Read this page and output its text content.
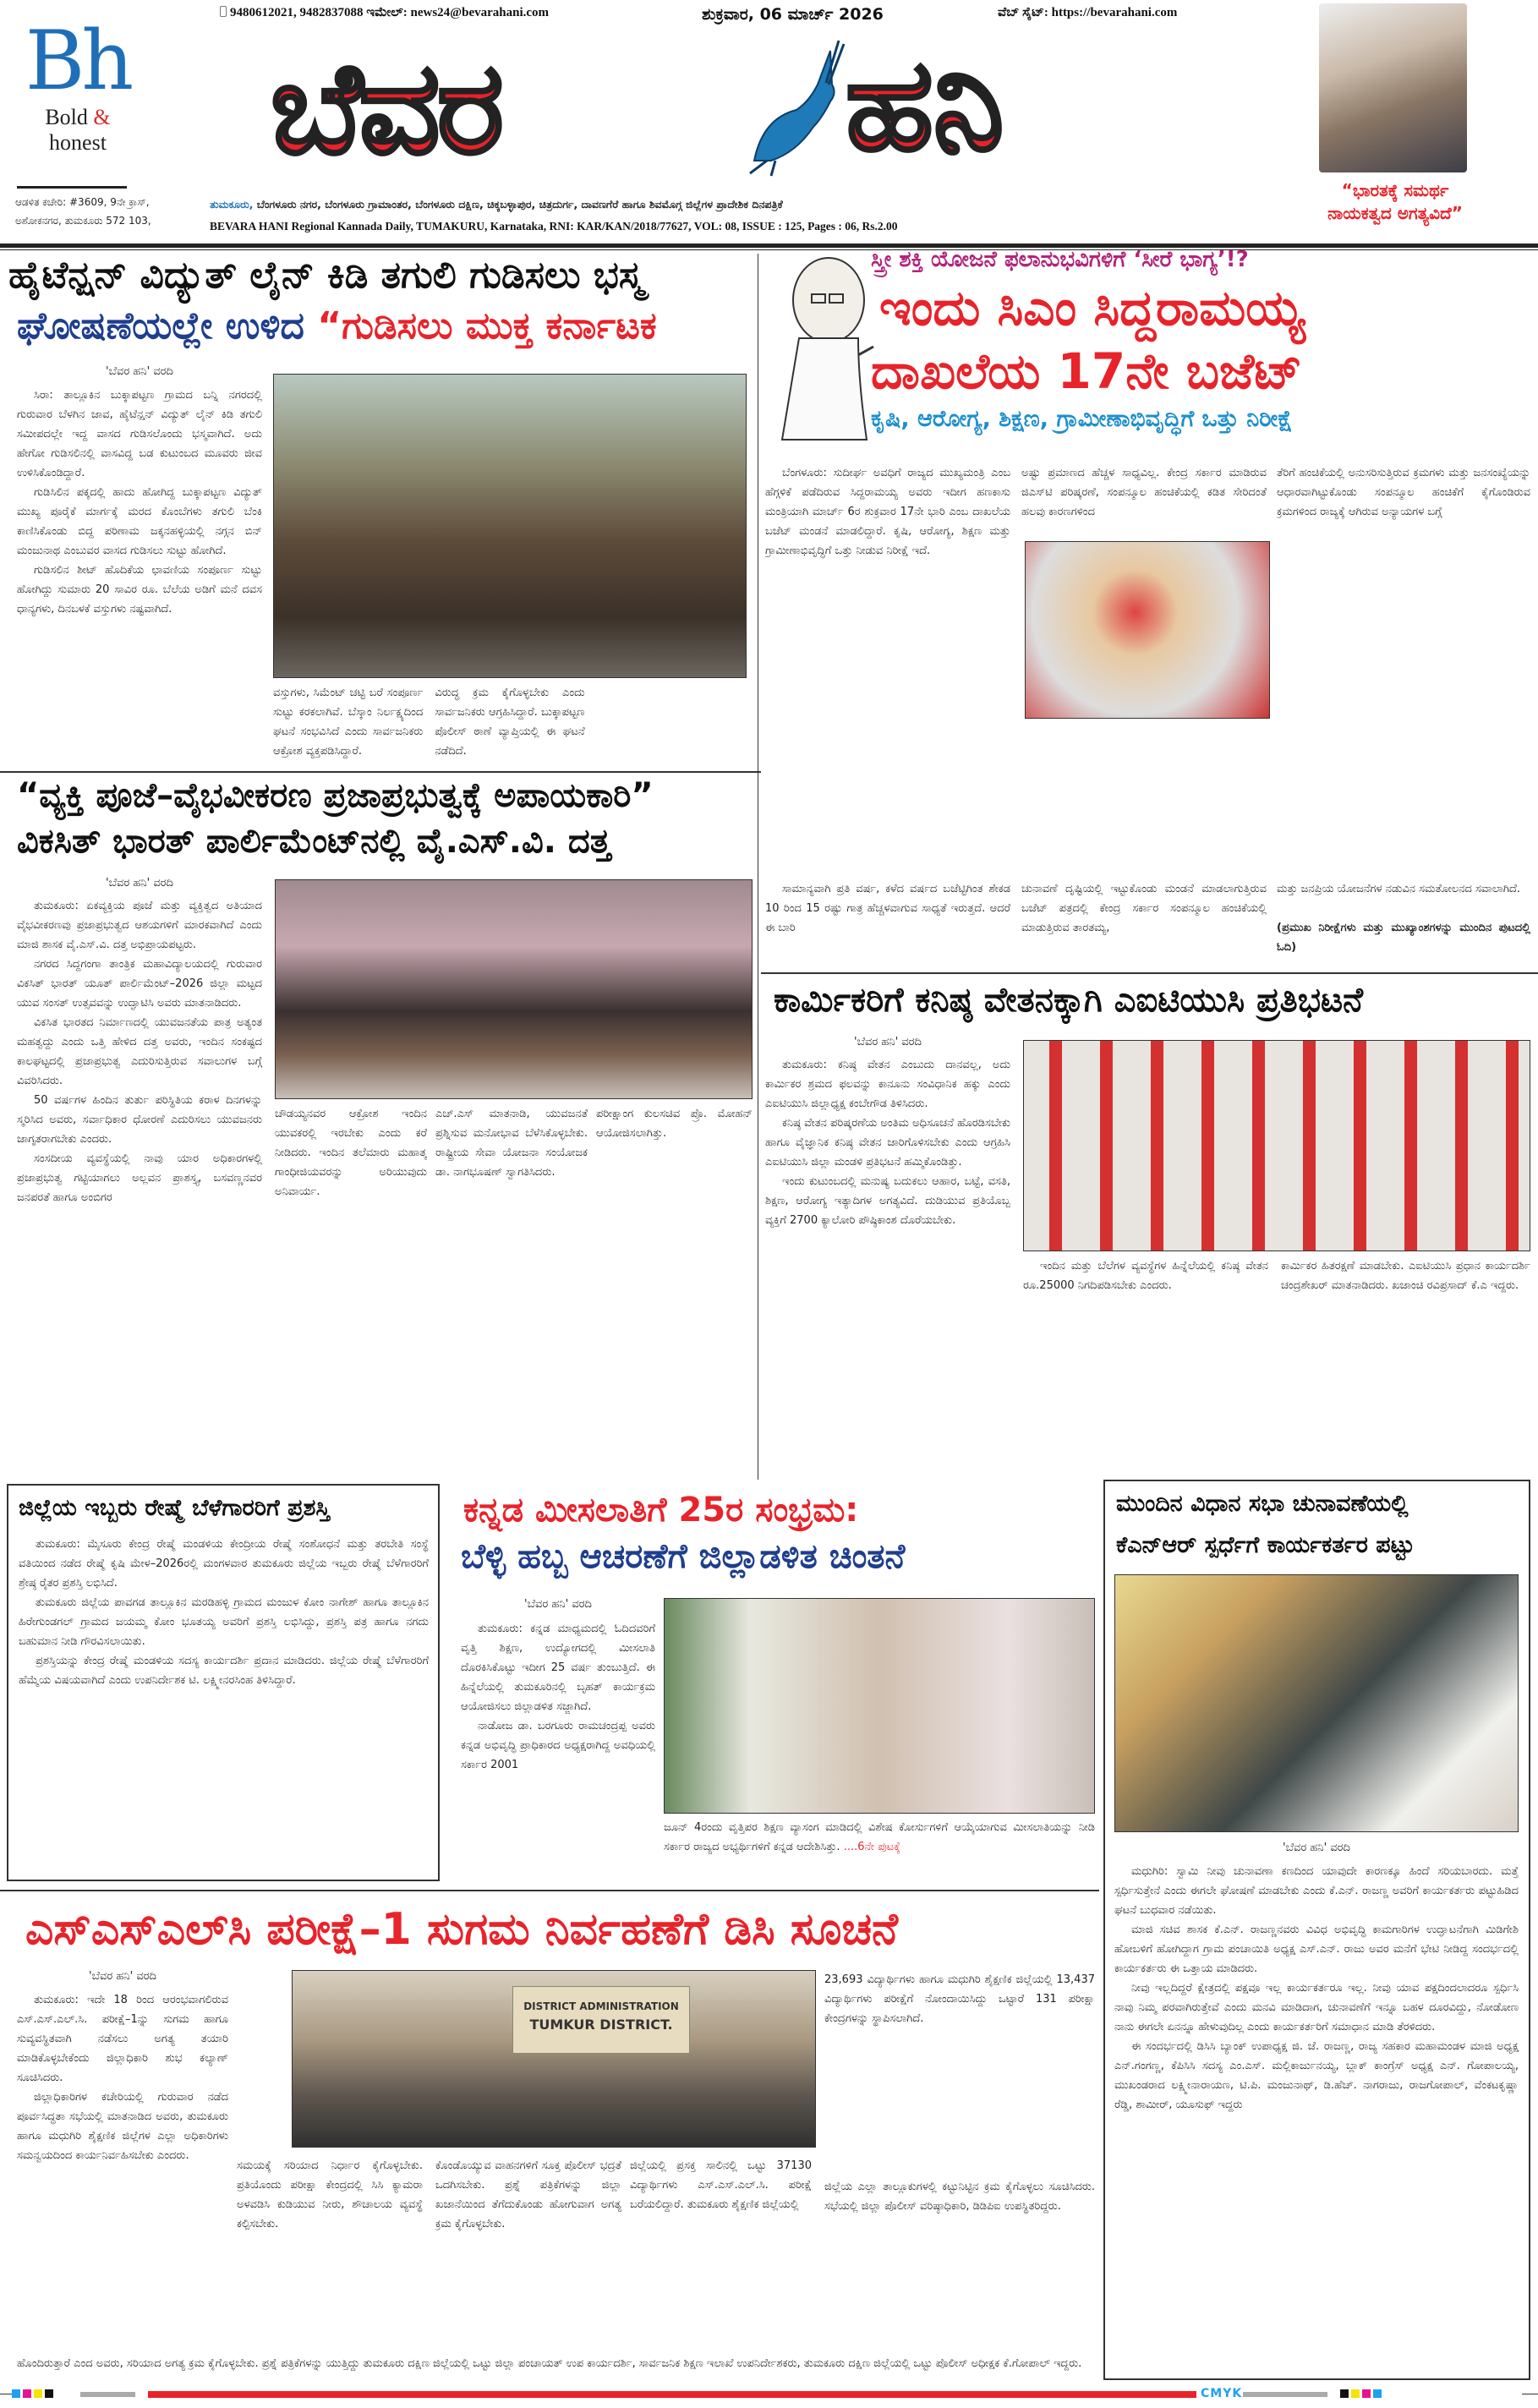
Bh
Bold & honest
ಆಡಳಿತ ಕಚೇರಿ: #3609, 9ನೇ ಕ್ರಾಸ್,
ಅಶೋಕನಗರ, ತುಮಕೂರು 572 103,
9480612021, 9482837088 ಇಮೇಲ್: news24@bevarahani.com	ಶುಕ್ರವಾರ, 06 ಮಾರ್ಚ್ 2026	ವೆಬ್ ಸೈಟ್: https://bevarahani.com
ಬೆವರ	ಹನಿ
ತುಮಕೂರು, ಬೆಂಗಳೂರು ನಗರ, ಬೆಂಗಳೂರು ಗ್ರಾಮಾಂತರ, ಬೆಂಗಳೂರು ದಕ್ಷಿಣ, ಚಿಕ್ಕಬಳ್ಳಾಪುರ, ಚಿತ್ರದುರ್ಗ, ದಾವಣಗೆರೆ ಹಾಗೂ ಶಿವಮೊಗ್ಗ ಜಿಲ್ಲೆಗಳ ಪ್ರಾದೇಶಿಕ ದಿನಪತ್ರಿಕೆ
BEVARA HANI Regional Kannada Daily, TUMAKURU, Karnataka, RNI: KAR/KAN/2018/77627, VOL: 08, ISSUE : 125, Pages : 06, Rs.2.00
“ಭಾರತಕ್ಕೆ ಸಮರ್ಥ
ನಾಯಕತ್ವದ ಅಗತ್ಯವಿದೆ”
ಹೈಟೆನ್ಷನ್ ವಿದ್ಯುತ್ ಲೈನ್ ಕಿಡಿ ತಗುಲಿ ಗುಡಿಸಲು ಭಸ್ಮ
ಘೋಷಣೆಯಲ್ಲೇ ಉಳಿದ “ಗುಡಿಸಲು ಮುಕ್ತ ಕರ್ನಾಟಕ
'ಬೆವರ ಹನಿ' ವರದಿ

ಸಿರಾ: ತಾಲ್ಲೂಕಿನ ಬುಕ್ಕಾಪಟ್ಟಣ ಗ್ರಾಮದ ಬನ್ನಿ ನಗರದಲ್ಲಿ ಗುರುವಾರ ಬೆಳಗಿನ ಜಾವ, ಹೈಟೆನ್ಷನ್ ವಿದ್ಯುತ್ ಲೈನ್ ಕಿಡಿ ತಗುಲಿ ಸಮೀಪದಲ್ಲೇ ಇದ್ದ ವಾಸದ ಗುಡಿಸಲೊಂದು ಭಸ್ಮವಾಗಿದೆ. ಅದು ಹೇಗೋ ಗುಡಿಸಲಿನಲ್ಲಿ ವಾಸವಿದ್ದ ಬಡ ಕುಟುಂಬದ ಮೂವರು ಜೀವ ಉಳಿಸಿಕೊಂಡಿದ್ದಾರೆ.

ಗುಡಿಸಿಲಿನ ಪಕ್ಕದಲ್ಲಿ ಹಾದು ಹೋಗಿದ್ದ ಬುಕ್ಕಾಪಟ್ಟಣ ವಿದ್ಯುತ್ ಮುಖ್ಯ ಪೂರೈಕೆ ಮಾರ್ಗಕ್ಕೆ ಮರದ ಕೊಂಬೆಗಳು ತಗುಲಿ ಬೆಂಕಿ ಕಾಣಿಸಿಕೊಂಡು ಬಿದ್ದ ಪರಿಣಾಮ ಜಕ್ಕನಹಳ್ಳಿಯಲ್ಲಿ ನಗ್ಗನ ಬಿನ್ ಮಂಜುನಾಥ ಎಂಬುವರ ವಾಸದ ಗುಡಿಸಲು ಸುಟ್ಟು ಹೋಗಿದೆ.

ಗುಡಿಸಲಿನ ಶೀಟ್ ಹೊದಿಕೆಯ ಛಾವಣಿಯ ಸಂಪೂರ್ಣ ಸುಟ್ಟು ಹೋಗಿದ್ದು ಸುಮಾರು 20 ಸಾವಿರ ರೂ. ಬೆಲೆಯ ಅಡಿಗೆ ಮನೆ ದವಸ ಧಾನ್ಯಗಳು, ದಿನಬಳಕೆ ವಸ್ತುಗಳು ನಷ್ಟವಾಗಿದೆ.

ವಸ್ತುಗಳು, ಸಿಮೆಂಟ್ ಚಟ್ಟಿ ಬರೆ ಸಂಪೂರ್ಣ ಸುಟ್ಟು ಕರಕಲಾಗಿವೆ. ಬೆಸ್ಕಾಂ ನಿರ್ಲಕ್ಷ್ಯದಿಂದ ಘಟನೆ ಸಂಭವಿಸಿದೆ ಎಂದು ಸಾರ್ವಜನಿಕರು ಆಕ್ರೋಶ ವ್ಯಕ್ತಪಡಿಸಿದ್ದಾರೆ.

ವಿರುದ್ಧ ಕ್ರಮ ಕೈಗೊಳ್ಳಬೇಕು ಎಂದು ಸಾರ್ವಜನಿಕರು ಆಗ್ರಹಿಸಿದ್ದಾರೆ. ಬುಕ್ಕಾಪಟ್ಟಣ ಪೊಲೀಸ್ ಠಾಣೆ ವ್ಯಾಪ್ತಿಯಲ್ಲಿ ಈ ಘಟನೆ ನಡೆದಿದೆ.

ಸ್ತ್ರೀ ಶಕ್ತಿ ಯೋಜನೆ ಫಲಾನುಭವಿಗಳಿಗೆ ‘ಸೀರೆ ಭಾಗ್ಯ’!?
ಇಂದು ಸಿಎಂ ಸಿದ್ದರಾಮಯ್ಯ
ದಾಖಲೆಯ 17ನೇ ಬಜೆಟ್
ಕೃಷಿ, ಆರೋಗ್ಯ, ಶಿಕ್ಷಣ, ಗ್ರಾಮೀಣಾಭಿವೃದ್ಧಿಗೆ ಒತ್ತು ನಿರೀಕ್ಷೆ
ಬೆಂಗಳೂರು: ಸುದೀರ್ಘ ಅವಧಿಗೆ ರಾಜ್ಯದ ಮುಖ್ಯಮಂತ್ರಿ ಎಂಬ ಹೆಗ್ಗಳಿಕೆ ಪಡೆದಿರುವ ಸಿದ್ದರಾಮಯ್ಯ ಅವರು ಇದೀಗ ಹಣಕಾಸು ಮಂತ್ರಿಯಾಗಿ ಮಾರ್ಚ್ 6ರ ಶುಕ್ರವಾರ 17ನೇ ಭಾರಿ ಎಂಬ ದಾಖಲೆಯ ಬಜೆಟ್ ಮಂಡನೆ ಮಾಡಲಿದ್ದಾರೆ. ಕೃಷಿ, ಆರೋಗ್ಯ, ಶಿಕ್ಷಣ ಮತ್ತು ಗ್ರಾಮೀಣಾಭಿವೃದ್ಧಿಗೆ ಒತ್ತು ನೀಡುವ ನಿರೀಕ್ಷೆ ಇದೆ.
ಅಷ್ಟು ಪ್ರಮಾಣದ ಹೆಚ್ಚಳ ಸಾಧ್ಯವಿಲ್ಲ. ಕೇಂದ್ರ ಸರ್ಕಾರ ಮಾಡಿರುವ ಜಿಎಸ್‌ಟಿ ಪರಿಷ್ಕರಣೆ, ಸಂಪನ್ಮೂಲ ಹಂಚಿಕೆಯಲ್ಲಿ ಕಡಿತ ಸೇರಿದಂತೆ ಹಲವು ಕಾರಣಗಳಿಂದ
ತೆರಿಗೆ ಹಂಚಿಕೆಯಲ್ಲಿ ಅನುಸರಿಸುತ್ತಿರುವ ಕ್ರಮಗಳು ಮತ್ತು ಜನಸಂಖ್ಯೆಯನ್ನು ಆಧಾರವಾಗಿಟ್ಟುಕೊಂಡು ಸಂಪನ್ಮೂಲ ಹಂಚಿಕೆಗೆ ಕೈಗೊಂಡಿರುವ ಕ್ರಮಗಳಿಂದ ರಾಜ್ಯಕ್ಕೆ ಆಗಿರುವ ಅನ್ಯಾಯಗಳ ಬಗ್ಗೆ
ಸಾಮಾನ್ಯವಾಗಿ ಪ್ರತಿ ವರ್ಷ, ಕಳೆದ ವರ್ಷದ ಬಜೆಟ್ಟಿಗಿಂತ ಶೇಕಡ 10 ರಿಂದ 15 ರಷ್ಟು ಗಾತ್ರ ಹೆಚ್ಚಳವಾಗುವ ಸಾಧ್ಯತೆ ಇರುತ್ತದೆ. ಆದರೆ ಈ ಬಾರಿ
ಚುನಾವಣೆ ದೃಷ್ಟಿಯಲ್ಲಿ ಇಟ್ಟುಕೊಂಡು ಮಂಡನೆ ಮಾಡಲಾಗುತ್ತಿರುವ ಬಜೆಟ್ ಪತ್ರದಲ್ಲಿ ಕೇಂದ್ರ ಸರ್ಕಾರ ಸಂಪನ್ಮೂಲ ಹಂಚಿಕೆಯಲ್ಲಿ ಮಾಡುತ್ತಿರುವ ತಾರತಮ್ಯ,
ಮತ್ತು ಜನಪ್ರಿಯ ಯೋಜನೆಗಳ ನಡುವಿನ ಸಮತೋಲನದ ಸವಾಲಾಗಿದೆ.
(ಪ್ರಮುಖ ನಿರೀಕ್ಷೆಗಳು ಮತ್ತು ಮುಖ್ಯಾಂಶಗಳನ್ನು ಮುಂದಿನ ಪುಟದಲ್ಲಿ ಓದಿ)
“ವ್ಯಕ್ತಿ ಪೂಜೆ–ವೈಭವೀಕರಣ ಪ್ರಜಾಪ್ರಭುತ್ವಕ್ಕೆ ಅಪಾಯಕಾರಿ”
ವಿಕಸಿತ್ ಭಾರತ್ ಪಾರ್ಲಿಮೆಂಟ್‌ನಲ್ಲಿ ವೈ.ಎಸ್.ವಿ. ದತ್ತ
'ಬೆವರ ಹನಿ' ವರದಿ

ತುಮಕೂರು: ಏಕವ್ಯಕ್ತಿಯ ಪೂಜೆ ಮತ್ತು ವ್ಯಕ್ತಿತ್ವದ ಅತಿಯಾದ ವೈಭವೀಕರಣವು ಪ್ರಜಾಪ್ರಭುತ್ವದ ಆಶಯಗಳಿಗೆ ಮಾರಕವಾಗಿದೆ ಎಂದು ಮಾಜಿ ಶಾಸಕ ವೈ.ಎಸ್.ವಿ. ದತ್ತ ಅಭಿಪ್ರಾಯಪಟ್ಟರು.

ನಗರದ ಸಿದ್ದಗಂಗಾ ತಾಂತ್ರಿಕ ಮಹಾವಿದ್ಯಾಲಯದಲ್ಲಿ ಗುರುವಾರ ವಿಕಸಿತ್ ಭಾರತ್ ಯೂತ್ ಪಾರ್ಲಿಮೆಂಟ್–2026 ಜಿಲ್ಲಾ ಮಟ್ಟದ ಯುವ ಸಂಸತ್ ಉತ್ಸವವನ್ನು ಉದ್ಘಾಟಿಸಿ ಅವರು ಮಾತನಾಡಿದರು.

ವಿಕಸಿತ ಭಾರತದ ನಿರ್ಮಾಣದಲ್ಲಿ ಯುವಜನತೆಯ ಪಾತ್ರ ಅತ್ಯಂತ ಮಹತ್ವದ್ದು ಎಂದು ಒತ್ತಿ ಹೇಳಿದ ದತ್ತ ಅವರು, ಇಂದಿನ ಸಂಕಷ್ಟದ ಕಾಲಘಟ್ಟದಲ್ಲಿ ಪ್ರಜಾಪ್ರಭುತ್ವ ಎದುರಿಸುತ್ತಿರುವ ಸವಾಲುಗಳ ಬಗ್ಗೆ ವಿವರಿಸಿದರು.

50 ವರ್ಷಗಳ ಹಿಂದಿನ ತುರ್ತು ಪರಿಸ್ಥಿತಿಯ ಕರಾಳ ದಿನಗಳನ್ನು ಸ್ಮರಿಸಿದ ಅವರು, ಸರ್ವಾಧಿಕಾರ ಧೋರಣೆ ಎದುರಿಸಲು ಯುವಜನರು ಜಾಗೃತರಾಗಬೇಕು ಎಂದರು.

ಸಂಸದೀಯ ವ್ಯವಸ್ಥೆಯಲ್ಲಿ ನಾವು ಯಾರ ಅಧಿಕಾರಗಳಲ್ಲಿ ಪ್ರಜಾಪ್ರಭುತ್ವ ಗಟ್ಟಿಯಾಗಲು ಅಲ್ಲವನ ಪ್ರಾಶಸ್ತ್ಯ, ಬಸವಣ್ಣನವರ ಜನಪರತೆ ಹಾಗೂ ಅಂಬಿಗರ

ಚೌಡಯ್ಯನವರ ಆಕ್ರೋಶ ಇಂದಿನ ಯುವಕರಲ್ಲಿ ಇರಬೇಕು ಎಂದು ಕರೆ ನೀಡಿದರು. ಇಂದಿನ ತಲೆಮಾರು ಮಹಾತ್ಮ ಗಾಂಧೀಜಿಯವರನ್ನು ಅರಿಯುವುದು ಅನಿವಾರ್ಯ.
ಎಚ್.ಎಸ್ ಮಾತನಾಡಿ, ಯುವಜನತೆ ಪ್ರಶ್ನಿಸುವ ಮನೋಭಾವ ಬೆಳೆಸಿಕೊಳ್ಳಬೇಕು. ರಾಷ್ಟ್ರೀಯ ಸೇವಾ ಯೋಜನಾ ಸಂಯೋಜಕ ಡಾ. ನಾಗಭೂಷಣ್ ಸ್ವಾಗತಿಸಿದರು.
ಪರೀಕ್ಷಾಂಗ ಕುಲಸಚಿವ ಪ್ರೊ. ಮೋಹನ್ ಆಯೋಜಿಸಲಾಗಿತ್ತು.
ಕಾರ್ಮಿಕರಿಗೆ ಕನಿಷ್ಠ ವೇತನಕ್ಕಾಗಿ ಎಐಟಿಯುಸಿ ಪ್ರತಿಭಟನೆ
'ಬೆವರ ಹನಿ' ವರದಿ

ತುಮಕೂರು: ಕನಿಷ್ಠ ವೇತನ ಎಂಬುದು ದಾನವಲ್ಲ, ಅದು ಕಾರ್ಮಿಕರ ಶ್ರಮದ ಫಲವನ್ನು ಕಾನೂನು ಸಂವಿಧಾನಿಕ ಹಕ್ಕು ಎಂದು ಎಐಟಿಯುಸಿ ಜಿಲ್ಲಾಧ್ಯಕ್ಷ ಕಂಬೇಗೌಡ ತಿಳಿಸಿದರು.

ಕನಿಷ್ಠ ವೇತನ ಪರಿಷ್ಕರಣೆಯ ಅಂತಿಮ ಅಧಿಸೂಚನೆ ಹೊರಡಿಸಬೇಕು ಹಾಗೂ ವೈಜ್ಞಾನಿಕ ಕನಿಷ್ಠ ವೇತನ ಜಾರಿಗೊಳಿಸಬೇಕು ಎಂದು ಆಗ್ರಹಿಸಿ ಎಐಟಿಯುಸಿ ಜಿಲ್ಲಾ ಮಂಡಳಿ ಪ್ರತಿಭಟನೆ ಹಮ್ಮಿಕೊಂಡಿತ್ತು.

ಇಂದು ಕುಟುಂಬದಲ್ಲಿ ಮನುಷ್ಯ ಬದುಕಲು ಆಹಾರ, ಬಟ್ಟೆ, ವಸತಿ, ಶಿಕ್ಷಣ, ಆರೋಗ್ಯ ಇತ್ಯಾದಿಗಳ ಅಗತ್ಯವಿದೆ. ದುಡಿಯುವ ಪ್ರತಿಯೊಬ್ಬ ವ್ಯಕ್ತಿಗೆ 2700 ಕ್ಯಾಲೋರಿ ಪೌಷ್ಠಿಕಾಂಶ ದೊರೆಯಬೇಕು.

ಇಂದಿನ ಮತ್ತು ಬೆಲೆಗಳ ವ್ಯವಸ್ಥೆಗಳ ಹಿನ್ನೆಲೆಯಲ್ಲಿ ಕನಿಷ್ಠ ವೇತನ ರೂ.25000 ನಿಗದಿಪಡಿಸಬೇಕು ಎಂದರು.
ಕಾರ್ಮಿಕರ ಹಿತರಕ್ಷಣೆ ಮಾಡಬೇಕು. ಎಐಟಿಯುಸಿ ಪ್ರಧಾನ ಕಾರ್ಯದರ್ಶಿ ಚಂದ್ರಶೇಖರ್ ಮಾತನಾಡಿದರು. ಖಜಾಂಚಿ ರವಿಪ್ರಸಾದ್ ಕೆ.ಎ ಇದ್ದರು.
ಜಿಲ್ಲೆಯ ಇಬ್ಬರು ರೇಷ್ಮೆ ಬೆಳೆಗಾರರಿಗೆ ಪ್ರಶಸ್ತಿ

ತುಮಕೂರು: ಮೈಸೂರು ಕೇಂದ್ರ ರೇಷ್ಮೆ ಮಂಡಳಿಯ ಕೇಂದ್ರೀಯ ರೇಷ್ಮೆ ಸಂಶೋಧನೆ ಮತ್ತು ತರಬೇತಿ ಸಂಸ್ಥೆ ವತಿಯಿಂದ ನಡೆದ ರೇಷ್ಮೆ ಕೃಷಿ ಮೇಳ–2026ರಲ್ಲಿ ಮಂಗಳವಾರ ತುಮಕೂರು ಜಿಲ್ಲೆಯ ಇಬ್ಬರು ರೇಷ್ಮೆ ಬೆಳೆಗಾರರಿಗೆ ಶ್ರೇಷ್ಠ ರೈತರ ಪ್ರಶಸ್ತಿ ಲಭಿಸಿದೆ.

ತುಮಕೂರು ಜಿಲ್ಲೆಯ ಪಾವಗಡ ತಾಲ್ಲೂಕಿನ ಮರಡಿಹಳ್ಳಿ ಗ್ರಾಮದ ಮಂಜುಳ ಕೋಂ ನಾಗೇಶ್ ಹಾಗೂ ತಾಲ್ಲೂಕಿನ ಹಿರೇಗುಂಡಗಲ್ ಗ್ರಾಮದ ಜಯಮ್ಮ ಕೋಂ ಭೂತಯ್ಯ ಅವರಿಗೆ ಪ್ರಶಸ್ತಿ ಲಭಿಸಿದ್ದು, ಪ್ರಶಸ್ತಿ ಪತ್ರ ಹಾಗೂ ನಗದು ಬಹುಮಾನ ನೀಡಿ ಗೌರವಿಸಲಾಯಿತು.

ಪ್ರಶಸ್ತಿಯನ್ನು ಕೇಂದ್ರ ರೇಷ್ಮೆ ಮಂಡಳಿಯ ಸದಸ್ಯ ಕಾರ್ಯದರ್ಶಿ ಪ್ರದಾನ ಮಾಡಿದರು. ಜಿಲ್ಲೆಯ ರೇಷ್ಮೆ ಬೆಳೆಗಾರರಿಗೆ ಹೆಮ್ಮೆಯ ವಿಷಯವಾಗಿದೆ ಎಂದು ಉಪನಿರ್ದೇಶಕ ಟಿ. ಲಕ್ಷ್ಮೀನರಸಿಂಹ ತಿಳಿಸಿದ್ದಾರೆ.

ಕನ್ನಡ ಮೀಸಲಾತಿಗೆ 25ರ ಸಂಭ್ರಮ:
ಬೆಳ್ಳಿ ಹಬ್ಬ ಆಚರಣೆಗೆ ಜಿಲ್ಲಾಡಳಿತ ಚಿಂತನೆ
'ಬೆವರ ಹನಿ' ವರದಿ

ತುಮಕೂರು: ಕನ್ನಡ ಮಾಧ್ಯಮದಲ್ಲಿ ಓದಿದವರಿಗೆ ವೃತ್ತಿ ಶಿಕ್ಷಣ, ಉದ್ಯೋಗದಲ್ಲಿ ಮೀಸಲಾತಿ ದೊರಕಿಸಿಕೊಟ್ಟು ಇದೀಗ 25 ವರ್ಷ ತುಂಬುತ್ತಿದೆ. ಈ ಹಿನ್ನೆಲೆಯಲ್ಲಿ ತುಮಕೂರಿನಲ್ಲಿ ಬೃಹತ್ ಕಾರ್ಯಕ್ರಮ ಆಯೋಜಿಸಲು ಜಿಲ್ಲಾಡಳಿತ ಸಜ್ಜಾಗಿದೆ.

ನಾಡೋಜ ಡಾ. ಬರಗೂರು ರಾಮಚಂದ್ರಪ್ಪ ಅವರು ಕನ್ನಡ ಅಭಿವೃದ್ಧಿ ಪ್ರಾಧಿಕಾರದ ಅಧ್ಯಕ್ಷರಾಗಿದ್ದ ಅವಧಿಯಲ್ಲಿ ಸರ್ಕಾರ 2001

ಜೂನ್ 4ರಂದು ವೃತ್ತಿಪರ ಶಿಕ್ಷಣ ವ್ಯಾಸಂಗ ಮಾಡಿದಲ್ಲಿ ವಿಶೇಷ ಕೋರ್ಸುಗಳಿಗೆ ಆಯ್ಕೆಯಾಗುವ ಮೀಸಲಾತಿಯನ್ನು ನೀಡಿ ಸರ್ಕಾರ ರಾಜ್ಯದ ಅಭ್ಯರ್ಥಿಗಳಿಗೆ ಕನ್ನಡ ಆದೇಶಿಸಿತ್ತು. ....6ನೇ ಪುಟಕ್ಕೆ
ಮುಂದಿನ ವಿಧಾನ ಸಭಾ ಚುನಾವಣೆಯಲ್ಲಿ
ಕೆಎನ್‌ಆರ್ ಸ್ಪರ್ಧೆಗೆ ಕಾರ್ಯಕರ್ತರ ಪಟ್ಟು
'ಬೆವರ ಹನಿ' ವರದಿ

ಮಧುಗಿರಿ: ಸ್ವಾಮಿ ನೀವು ಚುನಾವಣಾ ಕಣದಿಂದ ಯಾವುದೇ ಕಾರಣಕ್ಕೂ ಹಿಂದೆ ಸರಿಯಬಾರದು. ಮತ್ತೆ ಸ್ಪರ್ಧಿಸುತ್ತೇನೆ ಎಂದು ಈಗಲೇ ಘೋಷಣೆ ಮಾಡಬೇಕು ಎಂದು ಕೆ.ಎನ್. ರಾಜಣ್ಣ ಅವರಿಗೆ ಕಾರ್ಯಕರ್ತರು ಪಟ್ಟುಹಿಡಿದ ಘಟನೆ ಬುಧವಾರ ನಡೆಯಿತು.

ಮಾಜಿ ಸಚಿವ ಶಾಸಕ ಕೆ.ಎನ್. ರಾಜಣ್ಣನವರು ವಿವಿಧ ಅಭಿವೃದ್ಧಿ ಕಾಮಗಾರಿಗಳ ಉದ್ಘಾಟನೆಗಾಗಿ ಮಿಡಿಗೇಶಿ ಹೋಬಳಿಗೆ ಹೋಗಿದ್ದಾಗ ಗ್ರಾಮ ಪಂಚಾಯಿತಿ ಅಧ್ಯಕ್ಷ ಎಸ್.ಎನ್. ರಾಜು ಅವರ ಮನೆಗೆ ಭೇಟಿ ನೀಡಿದ್ದ ಸಂದರ್ಭದಲ್ಲಿ ಕಾರ್ಯಕರ್ತರು ಈ ಒತ್ತಾಯ ಮಾಡಿದರು.

ನೀವು ಇಲ್ಲದಿದ್ದರೆ ಕ್ಷೇತ್ರದಲ್ಲಿ ಪಕ್ಷವೂ ಇಲ್ಲ ಕಾರ್ಯಕರ್ತರೂ ಇಲ್ಲ. ನೀವು ಯಾವ ಪಕ್ಷದಿಂದಲಾದರೂ ಸ್ಪರ್ಧಿಸಿ ನಾವು ನಿಮ್ಮ ಪರವಾಗಿರುತ್ತೇವೆ ಎಂದು ಮನವಿ ಮಾಡಿದಾಗ, ಚುನಾವಣೆಗೆ ಇನ್ನೂ ಬಹಳ ದೂರವಿದ್ದು, ನೋಡೋಣ ನಾನು ಈಗಲೇ ಏನನ್ನೂ ಹೇಳುವುದಿಲ್ಲ ಎಂದು ಕಾರ್ಯಕರ್ತರಿಗೆ ಸಮಾಧಾನ ಮಾಡಿ ತೆರಳಿದರು.

ಈ ಸಂದರ್ಭದಲ್ಲಿ ಡಿಸಿಸಿ ಬ್ಯಾಂಕ್ ಉಪಾಧ್ಯಕ್ಷ ಜಿ. ಜೆ. ರಾಜಣ್ಣ, ರಾಜ್ಯ ಸಹಕಾರ ಮಹಾಮಂಡಳ ಮಾಜಿ ಅಧ್ಯಕ್ಷ ಎನ್.ಗಂಗಣ್ಣ, ಕೆಪಿಸಿಸಿ ಸದಸ್ಯ ಎಂ.ಎಸ್. ಮಲ್ಲಿಕಾರ್ಜುನಯ್ಯ, ಬ್ಲಾಕ್ ಕಾಂಗ್ರೆಸ್ ಅಧ್ಯಕ್ಷ ಎನ್. ಗೋಪಾಲಯ್ಯ, ಮುಖಂಡರಾದ ಲಕ್ಷ್ಮೀನಾರಾಯಣ, ಟಿ.ಪಿ. ಮಂಜುನಾಥ್, ಡಿ.ಹೆಚ್. ನಾಗರಾಜು, ರಾಜಗೋಪಾಲ್, ವೆಂಕಟಕೃಷ್ಣಾ ರೆಡ್ಡಿ, ಶಾಮೀರ್, ಯೂಸುಫ್ ಇದ್ದರು

ಎಸ್‌ಎಸ್‌ಎಲ್‌ಸಿ ಪರೀಕ್ಷೆ–1 ಸುಗಮ ನಿರ್ವಹಣೆಗೆ ಡಿಸಿ ಸೂಚನೆ
'ಬೆವರ ಹನಿ' ವರದಿ

ತುಮಕೂರು: ಇದೇ 18 ರಿಂದ ಆರಂಭವಾಗಲಿರುವ ಎಸ್.ಎಸ್.ಎಲ್.ಸಿ. ಪರೀಕ್ಷೆ–1ನ್ನು ಸುಗಮ ಹಾಗೂ ಸುವ್ಯವಸ್ಥಿತವಾಗಿ ನಡೆಸಲು ಅಗತ್ಯ ತಯಾರಿ ಮಾಡಿಕೊಳ್ಳಬೇಕೆಂದು ಜಿಲ್ಲಾಧಿಕಾರಿ ಶುಭ ಕಲ್ಯಾಣ್ ಸೂಚಿಸಿದರು.

ಜಿಲ್ಲಾಧಿಕಾರಿಗಳ ಕಚೇರಿಯಲ್ಲಿ ಗುರುವಾರ ನಡೆದ ಪೂರ್ವಸಿದ್ಧತಾ ಸಭೆಯಲ್ಲಿ ಮಾತನಾಡಿದ ಅವರು, ತುಮಕೂರು ಹಾಗೂ ಮಧುಗಿರಿ ಶೈಕ್ಷಣಿಕ ಜಿಲ್ಲೆಗಳ ಎಲ್ಲಾ ಅಧಿಕಾರಿಗಳು ಸಮನ್ವಯದಿಂದ ಕಾರ್ಯನಿರ್ವಹಿಸಬೇಕು ಎಂದರು.

DISTRICT ADMINISTRATION
TUMKUR DISTRICT.
ಸಮಯಕ್ಕೆ ಸರಿಯಾದ ನಿರ್ಧಾರ ಕೈಗೊಳ್ಳಬೇಕು. ಪ್ರತಿಯೊಂದು ಪರೀಕ್ಷಾ ಕೇಂದ್ರದಲ್ಲಿ ಸಿಸಿ ಕ್ಯಾಮರಾ ಅಳವಡಿಸಿ ಕುಡಿಯುವ ನೀರು, ಶೌಚಾಲಯ ವ್ಯವಸ್ಥೆ ಕಲ್ಪಿಸಬೇಕು.
ಕೊಂಡೊಯ್ಯುವ ವಾಹನಗಳಿಗೆ ಸೂಕ್ತ ಪೊಲೀಸ್ ಭದ್ರತೆ ಒದಗಿಸಬೇಕು. ಪ್ರಶ್ನೆ ಪತ್ರಿಕೆಗಳನ್ನು ಜಿಲ್ಲಾ ಖಜಾನೆಯಿಂದ ತೆಗೆದುಕೊಂಡು ಹೋಗುವಾಗ ಅಗತ್ಯ ಕ್ರಮ ಕೈಗೊಳ್ಳಬೇಕು.
ಜಿಲ್ಲೆಯಲ್ಲಿ ಪ್ರಸಕ್ತ ಸಾಲಿನಲ್ಲಿ ಒಟ್ಟು 37130 ವಿದ್ಯಾರ್ಥಿಗಳು ಎಸ್.ಎಸ್.ಎಲ್.ಸಿ. ಪರೀಕ್ಷೆ ಬರೆಯಲಿದ್ದಾರೆ. ತುಮಕೂರು ಶೈಕ್ಷಣಿಕ ಜಿಲ್ಲೆಯಲ್ಲಿ
23,693 ವಿದ್ಯಾರ್ಥಿಗಳು ಹಾಗೂ ಮಧುಗಿರಿ ಶೈಕ್ಷಣಿಕ ಜಿಲ್ಲೆಯಲ್ಲಿ 13,437 ವಿದ್ಯಾರ್ಥಿಗಳು ಪರೀಕ್ಷೆಗೆ ನೋಂದಾಯಿಸಿದ್ದು ಒಟ್ಟಾರೆ 131 ಪರೀಕ್ಷಾ ಕೇಂದ್ರಗಳನ್ನು ಸ್ಥಾಪಿಸಲಾಗಿದೆ.
ಜಿಲ್ಲೆಯ ಎಲ್ಲಾ ತಾಲ್ಲೂಕುಗಳಲ್ಲಿ ಕಟ್ಟುನಿಟ್ಟಿನ ಕ್ರಮ ಕೈಗೊಳ್ಳಲು ಸೂಚಿಸಿದರು. ಸಭೆಯಲ್ಲಿ ಜಿಲ್ಲಾ ಪೊಲೀಸ್ ವರಿಷ್ಠಾಧಿಕಾರಿ, ಡಿಡಿಪಿಐ ಉಪಸ್ಥಿತರಿದ್ದರು.
ಹೊಂದಿರುತ್ತಾರೆ ಎಂದ ಅವರು, ಸರಿಯಾದ ಅಗತ್ಯ ಕ್ರಮ ಕೈಗೊಳ್ಳಬೇಕು. ಪ್ರಶ್ನೆ ಪತ್ರಿಕೆಗಳನ್ನು ಯುತ್ತಿದ್ದು ತುಮಕೂರು ದಕ್ಷಿಣ ಜಿಲ್ಲೆಯಲ್ಲಿ ಒಟ್ಟು ಜಿಲ್ಲಾ ಪಂಚಾಯತ್ ಉಪ ಕಾರ್ಯದರ್ಶಿ, ಸಾರ್ವಜನಿಕ ಶಿಕ್ಷಣ ಇಲಾಖೆ ಉಪನಿರ್ದೇಶಕರು, ತುಮಕೂರು ದಕ್ಷಿಣ ಜಿಲ್ಲೆಯಲ್ಲಿ ಒಟ್ಟು ಪೊಲೀಸ್ ಅಧೀಕ್ಷಕ ಕೆ.ಗೋಪಾಲ್ ಇದ್ದರು.
CMYK
